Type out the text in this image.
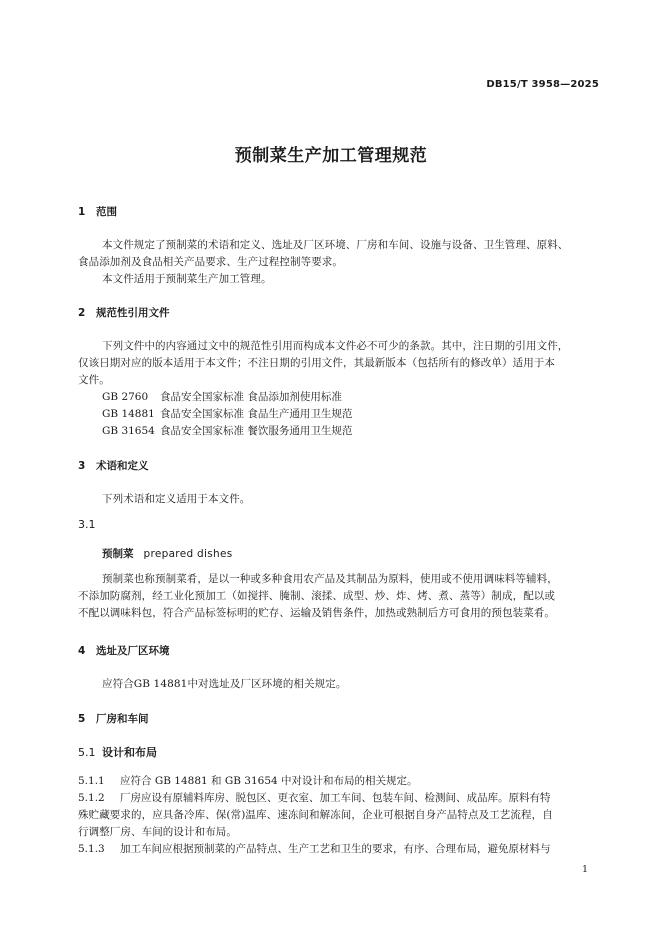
DB15/T 3958—2025
预制菜生产加工管理规范
1 范围
本文件规定了预制菜的术语和定义、选址及厂区环境、厂房和车间、设施与设备、卫生管理、原料、
食品添加剂及食品相关产品要求、生产过程控制等要求。
本文件适用于预制菜生产加工管理。
2 规范性引用文件
下列文件中的内容通过文中的规范性引用而构成本文件必不可少的条款。其中，注日期的引用文件，
仅该日期对应的版本适用于本文件；不注日期的引用文件，其最新版本（包括所有的修改单）适用于本
文件。
GB 2760 食品安全国家标准 食品添加剂使用标准
GB 14881 食品安全国家标准 食品生产通用卫生规范
GB 31654 食品安全国家标准 餐饮服务通用卫生规范
3 术语和定义
下列术语和定义适用于本文件。
3.1
预制菜 prepared dishes
预制菜也称预制菜肴，是以一种或多种食用农产品及其制品为原料，使用或不使用调味料等辅料，
不添加防腐剂，经工业化预加工（如搅拌、腌制、滚揉、成型、炒、炸、烤、煮、蒸等）制成，配以或
不配以调味料包，符合产品标签标明的贮存、运输及销售条件，加热或熟制后方可食用的预包装菜肴。
4 选址及厂区环境
应符合GB 14881中对选址及厂区环境的相关规定。
5 厂房和车间
5.1 设计和布局
5.1.1 应符合 GB 14881 和 GB 31654 中对设计和布局的相关规定。
5.1.2 厂房应设有原辅料库房、脱包区、更衣室、加工车间、包装车间、检测间、成品库。原料有特
殊贮藏要求的，应具备冷库、保(常)温库、速冻间和解冻间，企业可根据自身产品特点及工艺流程，自
行调整厂房、车间的设计和布局。
5.1.3 加工车间应根据预制菜的产品特点、生产工艺和卫生的要求，有序、合理布局，避免原材料与
1
